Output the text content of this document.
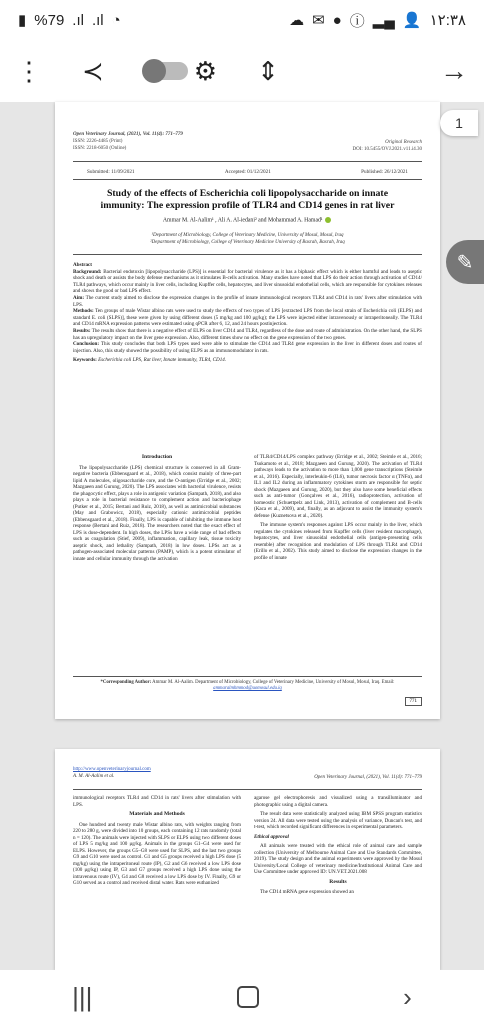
▮ %79 .ıl .ıl ◔	☁ ✉ ● ⓘ ▂▄ 👤 ١٢:٣٨
⋮ ≺	⚙ ⇕	→
Open Veterinary Journal, (2021), Vol. 11(4): 771–779
ISSN: 2226-4485 (Print)
ISSN: 2218-6050 (Online)
Original Research
DOI: 10.5455/OVJ.2021.v11.i4.30
Submitted: 11/09/2021	Accepted: 01/12/2021	Published: 26/12/2021
Study of the effects of Escherichia coli lipopolysaccharide on innate immunity: The expression profile of TLR4 and CD14 genes in rat liver
Ammar M. Al-Aalim¹ , Ali A. Al-iedani² and Mohammad A. Hamad¹
¹Department of Microbiology, College of Veterinary Medicine, University of Mosul, Mosul, Iraq
²Department of Microbiology, College of Veterinary Medicine University of Basrah, Basrah, Iraq

Abstract

Background: Bacterial endotoxin [lipopolysaccharide (LPS)] is essential for bacterial virulence as it has a biphasic effect which is either harmful and leads to aseptic shock and death or assists the body defense mechanisms as it stimulates B-cells activation. Many studies have noted that LPS do their action through activation of CD14/ TLR4 pathways, which occur mainly in liver cells, including Kupffer cells, hepatocytes, and liver sinusoidal endothelial cells, which are responsible for cytokines releases and shows the good or bad LPS effect.

Aim: The current study aimed to disclose the expression changes in the profile of innate immunological receptors TLR4 and CD14 in rats' livers after stimulation with LPS.

Methods: Ten groups of male Wistar albino rats were used to study the effects of two types of LPS [extracted LPS from the local strain of Escherichia coli (ELPS) and standard E. coli (SLPS)], these were given by using different doses (5 mg/kg and 100 μg/kg); the LPS were injected either intravenously or intraperitoneally. The TLR4 and CD14 mRNA expression patterns were estimated using qPCR after 6, 12, and 24 hours postinjection.

Results: The results show that there is a negative effect of ELPS on liver CD14 and TLR4, regardless of the dose and route of administration. On the other hand, the SLPS has an upregulatory impact on the liver gene expression. Also, different times show no effect on the gene expression of the two genes.

Conclusion: This study concludes that both LPS types used were able to stimulate the CD14 and TLR4 gene expression in the liver in different doses and routes of injection. Also, this study showed the possibility of using ELPS as an immunomodulator in rats.

Keywords: Escherichia coli LPS, Rat liver, Innate immunity, TLR4, CD14.

Introduction

The lipopolysaccharide (LPS) chemical structure is conserved in all Gram-negative bacteria (Ebbensgaard et al., 2018), which consist mainly of three-part lipid A molecules, oligosaccharide core, and the O-antigen (Erridge et al., 2002; Mazgaeen and Gurung, 2020). The LPS associates with bacterial virulence, resists the phagocytic effect, plays a role in antigenic variation (Sampath, 2018), and also plays a role in bacterial resistance to complement action and bacteriophage (Putker et al., 2015; Bertani and Ruiz, 2018), as well as antimicrobial substances (May and Grabowicz, 2018), especially cationic antimicrobial peptides (Ebbensgaard et al., 2018). Finally, LPS is capable of inhibiting the immune host response (Bertani and Ruiz, 2018). The researchers noted that the exact effect of LPS is dose-dependent. In high doses, the LPSs have a wide range of bad effects such as coagulation (Stief, 2009), inflammation, capillary leak, tissue toxicity aseptic shock, and lethality (Sampath, 2018) in low doses. LPSs act as a pathogen-associated molecular patterns (PAMP), which is a potent stimulator of innate and cellular immunity through the activation

of TLR4/CD14/LPS complex pathway (Erridge et al., 2002; Steimle et al., 2016; Tsukamoto et al., 2018; Mazgaeen and Gurung, 2020). The activation of TLR4 pathways leads to the activation to more than 1,000 gene transcriptions (Steimle et al., 2016). Especially, interleukin-6 (IL6), tumor necrosis factor α (TNFα), and IL1 and IL2 during an inflammatory cytokines storm are responsible for septic shock (Mazgaeen and Gurung, 2020), but they also have some beneficial effects such as anti-tumor (Gonçalves et al., 2016), radioprotection, activation of homeostic (Schuettpelz and Link, 2013), activation of complement and B-cells (Kaca et al., 2009), and, finally, as an adjuvant to assist the immunity system's defense (Kuznetsova et al., 2020).

The immune system's responses against LPS occur mainly in the liver, which regulates the cytokines released from Kupffer cells (liver resident macrophage), hepatocytes, and liver sinusoidal endothelial cells (antigen-presenting cells resemble) after recognition and modulation of LPS through TLR4 and CD14 (Erillo et al., 2002). This study aimed to disclose the expression changes in the profile of innate

*Corresponding Author: Ammar M. Al-Aalim. Department of Microbiology, College of Veterinary Medicine, University of Mosul, Mosul, Iraq. Email: ammaralmhmmod@uomosul.edu.iq
771
http://www.openveterinaryjournal.com
A. M. Al-Aalim et al.	Open Veterinary Journal, (2021), Vol. 11(4): 771–779

immunological receptors TLR4 and CD14 in rats' livers after stimulation with LPS.

Materials and Methods

One hundred and twenty male Wistar albino rats, with weights ranging from 220 to 280 g, were divided into 10 groups, each containing 12 rats randomly (total n = 120). The animals were injected with SLPS or ELPS using two different doses of LPS 5 mg/kg and 100 μg/kg. Animals in the groups G1–G4 were used for ELPS. However, the groups G5–G8 were used for SLPS, and the last two groups G9 and G10 were used as control. G1 and G5 groups received a high LPS dose (5 mg/kg) using the intraperitoneal route (IP), G2 and G6 received a low LPS dose (100 μg/kg) using IP, G3 and G7 groups received a high LPS done using the intravenous route (IV), G4 and G8 received a low LPS dose by IV. Finally, G9 or G10 served as a control and received distal water. Rats were euthanized

agarose gel electrophoresis and visualized using a transilluminator and photographic using a digital camera.

The result data were statistically analyzed using IBM SPSS program statistics version 24. All data were tested using the analysis of variance, Duncan's test, and t-test, which recorded significant differences in experimental parameters.

Ethical approval

All animals were treated with the ethical role of animal care and sample collection (University of Melbourne Animal Care and Use Standards Committee, 2019). The study design and the animal experiments were approved by the Mosul University/Local College of veterinary medicine/Institutional Animal Care and Use Committee under approved ID: UN.VET.2021.008

Results

The CD14 mRNA gene expression showed an

1
✎
|||	›
